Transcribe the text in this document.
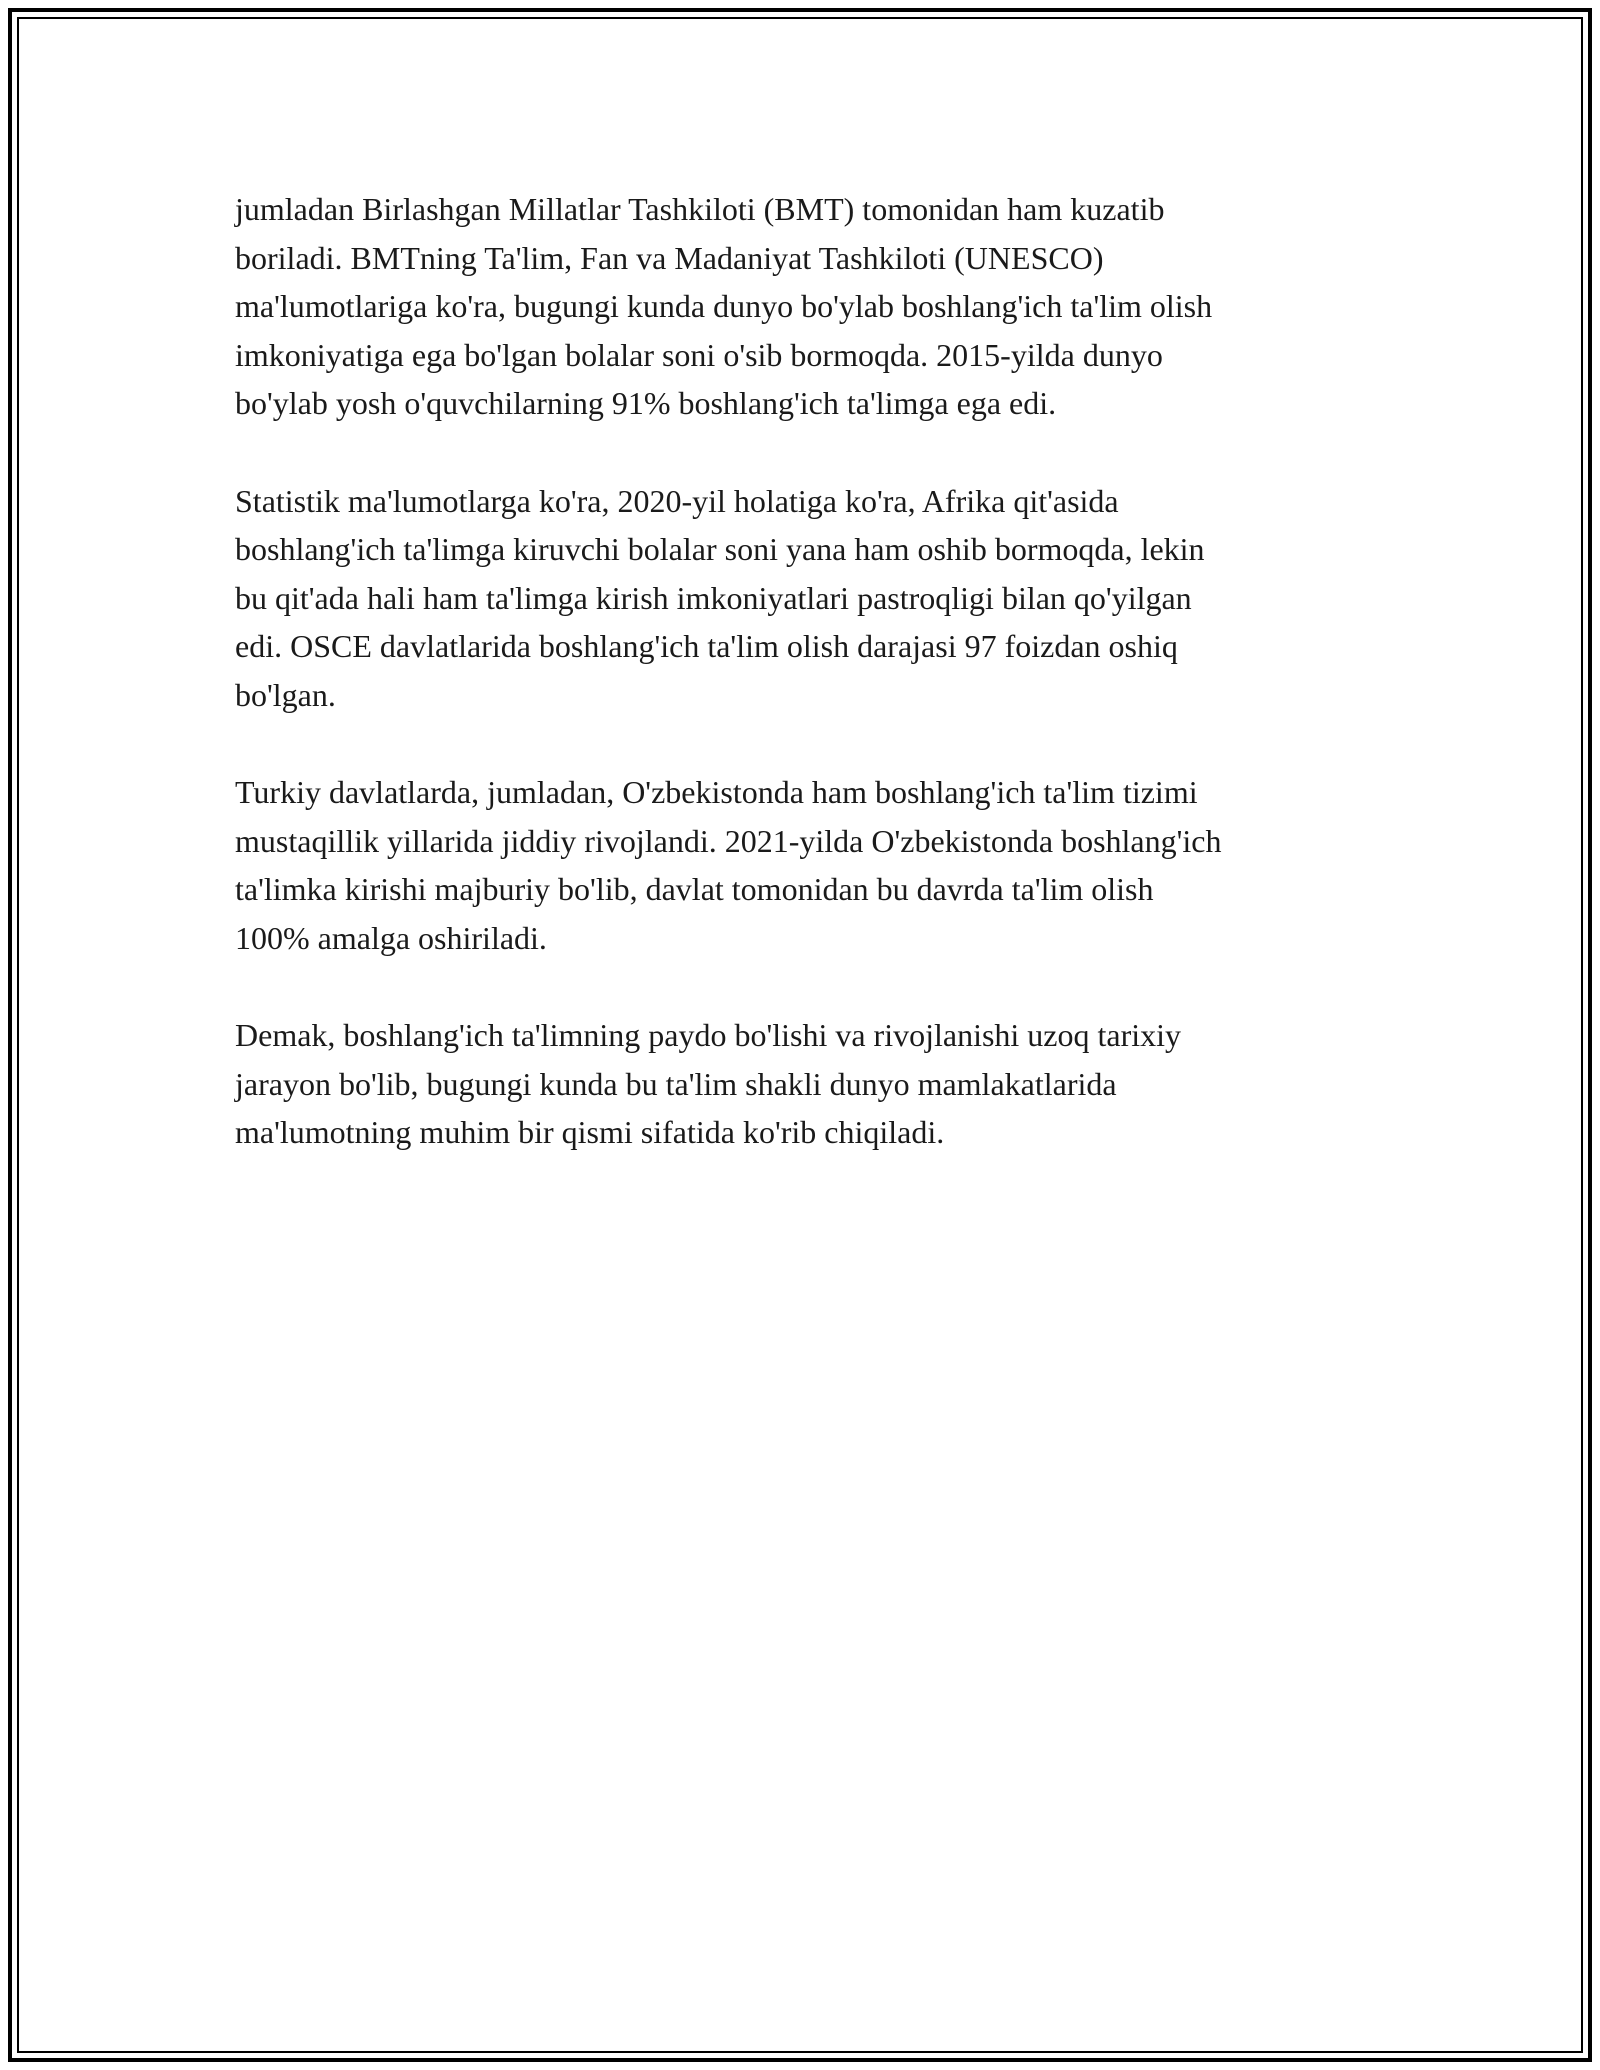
jumladan Birlashgan Millatlar Tashkiloti (BMT) tomonidan ham kuzatib
boriladi. BMTning Ta'lim, Fan va Madaniyat Tashkiloti (UNESCO)
ma'lumotlariga ko'ra, bugungi kunda dunyo bo'ylab boshlang'ich ta'lim olish
imkoniyatiga ega bo'lgan bolalar soni o'sib bormoqda. 2015-yilda dunyo
bo'ylab yosh o'quvchilarning 91% boshlang'ich ta'limga ega edi.

Statistik ma'lumotlarga ko'ra, 2020-yil holatiga ko'ra, Afrika qit'asida
boshlang'ich ta'limga kiruvchi bolalar soni yana ham oshib bormoqda, lekin
bu qit'ada hali ham ta'limga kirish imkoniyatlari pastroqligi bilan qo'yilgan
edi. OSCE davlatlarida boshlang'ich ta'lim olish darajasi 97 foizdan oshiq
bo'lgan.

Turkiy davlatlarda, jumladan, O'zbekistonda ham boshlang'ich ta'lim tizimi
mustaqillik yillarida jiddiy rivojlandi. 2021-yilda O'zbekistonda boshlang'ich
ta'limka kirishi majburiy bo'lib, davlat tomonidan bu davrda ta'lim olish
100% amalga oshiriladi.

Demak, boshlang'ich ta'limning paydo bo'lishi va rivojlanishi uzoq tarixiy
jarayon bo'lib, bugungi kunda bu ta'lim shakli dunyo mamlakatlarida
ma'lumotning muhim bir qismi sifatida ko'rib chiqiladi.
